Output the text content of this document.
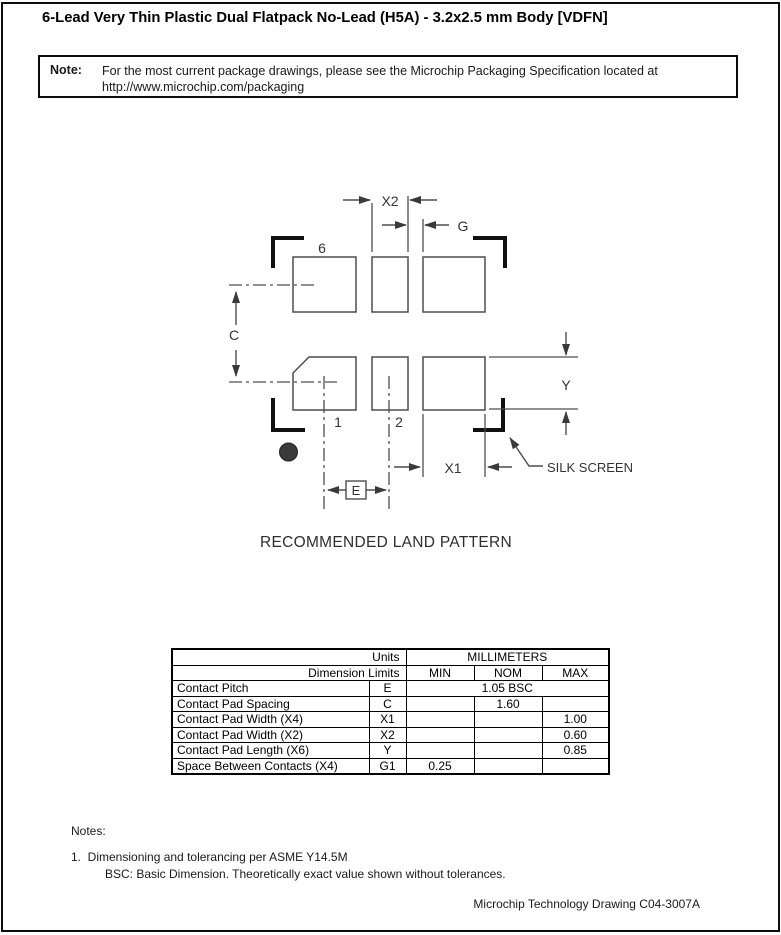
6-Lead Very Thin Plastic Dual Flatpack No-Lead (H5A) - 3.2x2.5 mm Body [VDFN]
Note: For the most current package drawings, please see the Microchip Packaging Specification located at
http://www.microchip.com/packaging
6
1	2
X2
G
C
Y
X1
E
SILK SCREEN
RECOMMENDED LAND PATTERN
Units		MILLIMETERS		
Dimension Limits		MIN	NOM	MAX
Contact Pitch	E	1.05 BSC		
Contact Pad Spacing	C		1.60	
Contact Pad Width (X4)	X1			1.00
Contact Pad Width (X2)	X2			0.60
Contact Pad Length (X6)	Y			0.85
Space Between Contacts (X4)	G1	0.25		

Notes:

1.  Dimensioning and tolerancing per ASME Y14.5M

BSC: Basic Dimension. Theoretically exact value shown without tolerances.

Microchip Technology Drawing C04-3007A
